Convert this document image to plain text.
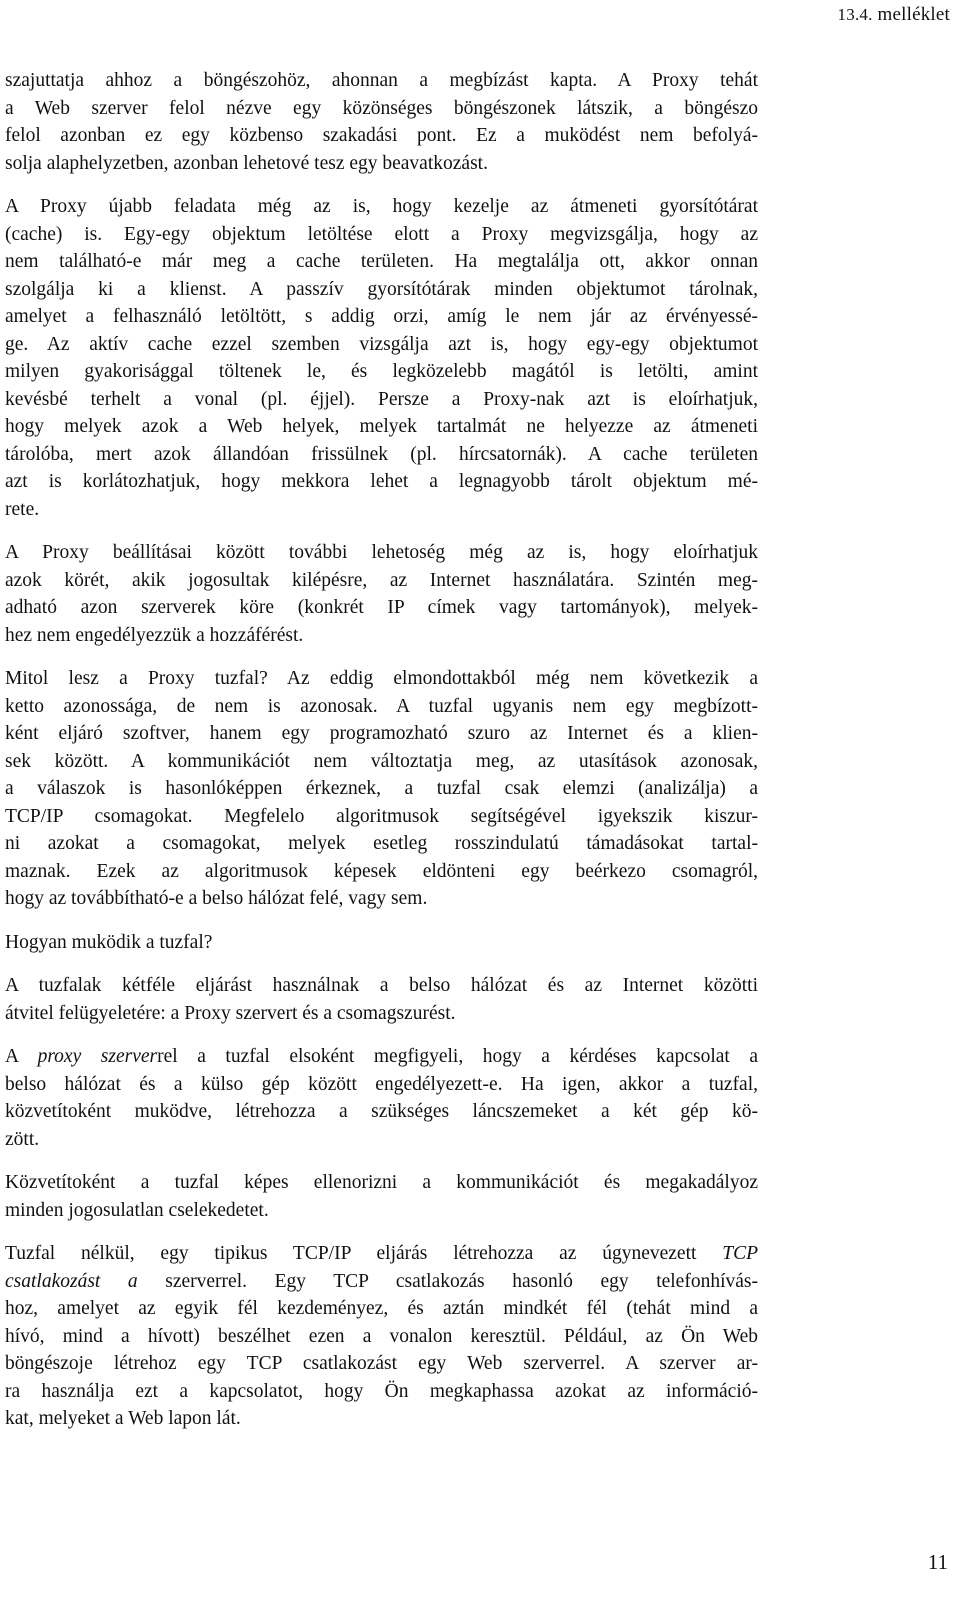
13.4. melléklet

szajuttatja ahhoz a böngészohöz, ahonnan a megbízást kapta. A Proxy tehát
a Web szerver felol nézve egy közönséges böngészonek látszik, a böngészo
felol azonban ez egy közbenso szakadási pont. Ez a muködést nem befolyá-
solja alaphelyzetben, azonban lehetové tesz egy beavatkozást.

A Proxy újabb feladata még az is, hogy kezelje az átmeneti gyorsítótárat
(cache) is. Egy-egy objektum letöltése elott a Proxy megvizsgálja, hogy az
nem található-e már meg a cache területen. Ha megtalálja ott, akkor onnan
szolgálja ki a klienst. A passzív gyorsítótárak minden objektumot tárolnak,
amelyet a felhasználó letöltött, s addig orzi, amíg le nem jár az érvényessé-
ge. Az aktív cache ezzel szemben vizsgálja azt is, hogy egy-egy objektumot
milyen gyakorisággal töltenek le, és legközelebb magától is letölti, amint
kevésbé terhelt a vonal (pl. éjjel). Persze a Proxy-nak azt is eloírhatjuk,
hogy melyek azok a Web helyek, melyek tartalmát ne helyezze az átmeneti
tárolóba, mert azok állandóan frissülnek (pl. hírcsatornák). A cache területen
azt is korlátozhatjuk, hogy mekkora lehet a legnagyobb tárolt objektum mé-
rete.

A Proxy beállításai között további lehetoség még az is, hogy eloírhatjuk
azok körét, akik jogosultak kilépésre, az Internet használatára. Szintén meg-
adható azon szerverek köre (konkrét IP címek vagy tartományok), melyek-
hez nem engedélyezzük a hozzáférést.

Mitol lesz a Proxy tuzfal? Az eddig elmondottakból még nem következik a
ketto azonossága, de nem is azonosak. A tuzfal ugyanis nem egy megbízott-
ként eljáró szoftver, hanem egy programozható szuro az Internet és a klien-
sek között. A kommunikációt nem változtatja meg, az utasítások azonosak,
a válaszok is hasonlóképpen érkeznek, a tuzfal csak elemzi (analizálja) a
TCP/IP csomagokat. Megfelelo algoritmusok segítségével igyekszik kiszur-
ni azokat a csomagokat, melyek esetleg rosszindulatú támadásokat tartal-
maznak. Ezek az algoritmusok képesek eldönteni egy beérkezo csomagról,
hogy az továbbítható-e a belso hálózat felé, vagy sem.

Hogyan muködik a tuzfal?

A tuzfalak kétféle eljárást használnak a belso hálózat és az Internet közötti
átvitel felügyeletére: a Proxy szervert és a csomagszurést.

A proxy szerverrel a tuzfal elsoként megfigyeli, hogy a kérdéses kapcsolat a
belso hálózat és a külso gép között engedélyezett-e. Ha igen, akkor a tuzfal,
közvetítoként muködve, létrehozza a szükséges láncszemeket a két gép kö-
zött.

Közvetítoként a tuzfal képes ellenorizni a kommunikációt és megakadályoz
minden jogosulatlan cselekedetet.

Tuzfal nélkül, egy tipikus TCP/IP eljárás létrehozza az úgynevezett TCP
csatlakozást a szerverrel. Egy TCP csatlakozás hasonló egy telefonhívás-
hoz, amelyet az egyik fél kezdeményez, és aztán mindkét fél (tehát mind a
hívó, mind a hívott) beszélhet ezen a vonalon keresztül. Például, az Ön Web
böngészoje létrehoz egy TCP csatlakozást egy Web szerverrel. A szerver ar-
ra használja ezt a kapcsolatot, hogy Ön megkaphassa azokat az információ-
kat, melyeket a Web lapon lát.

11
